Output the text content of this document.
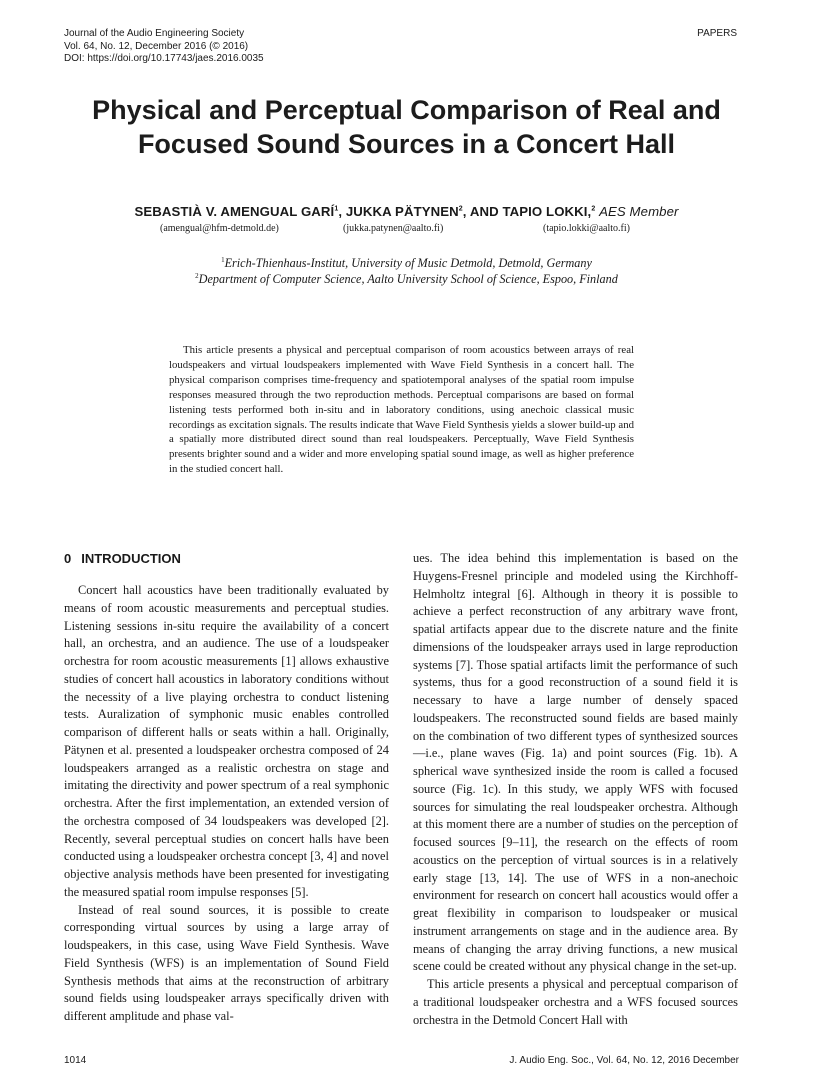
Journal of the Audio Engineering Society
Vol. 64, No. 12, December 2016 (© 2016)
DOI: https://doi.org/10.17743/jaes.2016.0035
PAPERS
Physical and Perceptual Comparison of Real and
Focused Sound Sources in a Concert Hall
SEBASTIÀ V. AMENGUAL GARÍ$^1$, JUKKA PÄTYNEN$^2$, AND TAPIO LOKKI,$^2$ AES Member
(amengual@hfm-detmold.de)	(jukka.patynen@aalto.fi)	(tapio.lokki@aalto.fi)
$^1$Erich-Thienhaus-Institut, University of Music Detmold, Detmold, Germany
$^2$Department of Computer Science, Aalto University School of Science, Espoo, Finland
This article presents a physical and perceptual comparison of room acoustics between arrays of real loudspeakers and virtual loudspeakers implemented with Wave Field Synthesis in a concert hall. The physical comparison comprises time-frequency and spatiotemporal analyses of the spatial room impulse responses measured through the two reproduction methods. Perceptual comparisons are based on formal listening tests performed both in-situ and in laboratory conditions, using anechoic classical music recordings as excitation signals. The results indicate that Wave Field Synthesis yields a slower build-up and a spatially more distributed direct sound than real loudspeakers. Perceptually, Wave Field Synthesis presents brighter sound and a wider and more enveloping spatial sound image, as well as higher preference in the studied concert hall.
0 INTRODUCTION

Concert hall acoustics have been traditionally evaluated by means of room acoustic measurements and perceptual studies. Listening sessions in-situ require the availability of a concert hall, an orchestra, and an audience. The use of a loudspeaker orchestra for room acoustic measurements [1] allows exhaustive studies of concert hall acoustics in laboratory conditions without the necessity of a live playing orchestra to conduct listening tests. Auralization of symphonic music enables controlled comparison of different halls or seats within a hall. Originally, Pätynen et al. presented a loudspeaker orchestra composed of 24 loudspeakers arranged as a realistic orchestra on stage and imitating the directivity and power spectrum of a real symphonic orchestra. After the first implementation, an extended version of the orchestra composed of 34 loudspeakers was developed [2]. Recently, several perceptual studies on concert halls have been conducted using a loudspeaker orchestra concept [3, 4] and novel objective analysis methods have been presented for investigating the measured spatial room impulse responses [5].

Instead of real sound sources, it is possible to create corresponding virtual sources by using a large array of loudspeakers, in this case, using Wave Field Synthesis. Wave Field Synthesis (WFS) is an implementation of Sound Field Synthesis methods that aims at the reconstruction of arbitrary sound fields using loudspeaker arrays specifically driven with different amplitude and phase val-

ues. The idea behind this implementation is based on the Huygens-Fresnel principle and modeled using the Kirchhoff-Helmholtz integral [6]. Although in theory it is possible to achieve a perfect reconstruction of any arbitrary wave front, spatial artifacts appear due to the discrete nature and the finite dimensions of the loudspeaker arrays used in large reproduction systems [7]. Those spatial artifacts limit the performance of such systems, thus for a good reconstruction of a sound field it is necessary to have a large number of densely spaced loudspeakers. The reconstructed sound fields are based mainly on the combination of two different types of synthesized sources—i.e., plane waves (Fig. 1a) and point sources (Fig. 1b). A spherical wave synthesized inside the room is called a focused source (Fig. 1c). In this study, we apply WFS with focused sources for simulating the real loudspeaker orchestra. Although at this moment there are a number of studies on the perception of focused sources [9–11], the research on the effects of room acoustics on the perception of virtual sources is in a relatively early stage [13, 14]. The use of WFS in a non-anechoic environment for research on concert hall acoustics would offer a great flexibility in comparison to loudspeaker or musical instrument arrangements on stage and in the audience area. By means of changing the array driving functions, a new musical scene could be created without any physical change in the set-up.

This article presents a physical and perceptual comparison of a traditional loudspeaker orchestra and a WFS focused sources orchestra in the Detmold Concert Hall with

1014	J. Audio Eng. Soc., Vol. 64, No. 12, 2016 December
